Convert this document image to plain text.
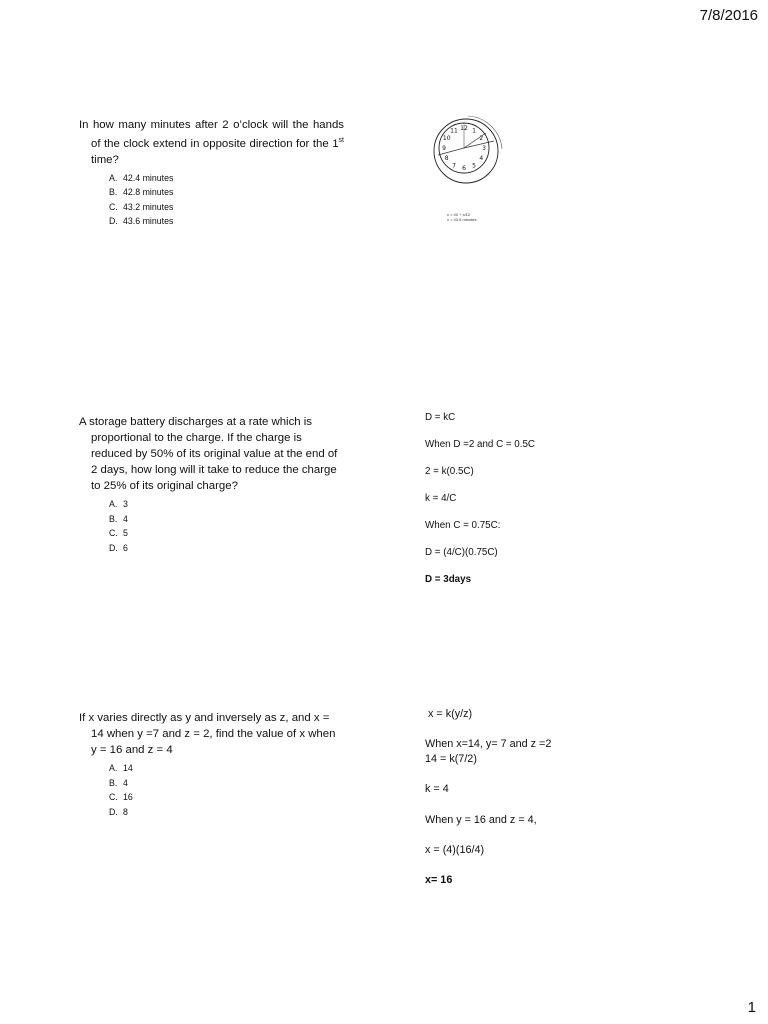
7/8/2016

In how many minutes after 2 o’clock will the hands of the clock extend in opposite direction for the 1st time?

A. 42.4 minutes
B. 42.8 minutes
C. 43.2 minutes
D. 43.6 minutes
12 1
2
3
4
5
6
7
8
9
10
11
x = 40 + x/12
x = 43.6 minutes

A storage battery discharges at a rate which is proportional to the charge. If the charge is reduced by 50% of its original value at the end of 2 days, how long will it take to reduce the charge to 25% of its original charge?

A. 3
B. 4
C. 5
D. 6
D = kC
When D =2 and C = 0.5C
2 = k(0.5C)
k = 4/C
When C = 0.75C:
D = (4/C)(0.75C)
D = 3days

If x varies directly as y and inversely as z, and x = 14 when y =7 and z = 2, find the value of x when y = 16 and z = 4

A. 14
B. 4
C. 16
D. 8
x = k(y/z)
When x=14, y= 7 and z =2
14 = k(7/2)
k = 4
When y = 16 and z = 4,
x = (4)(16/4)
x= 16
1
